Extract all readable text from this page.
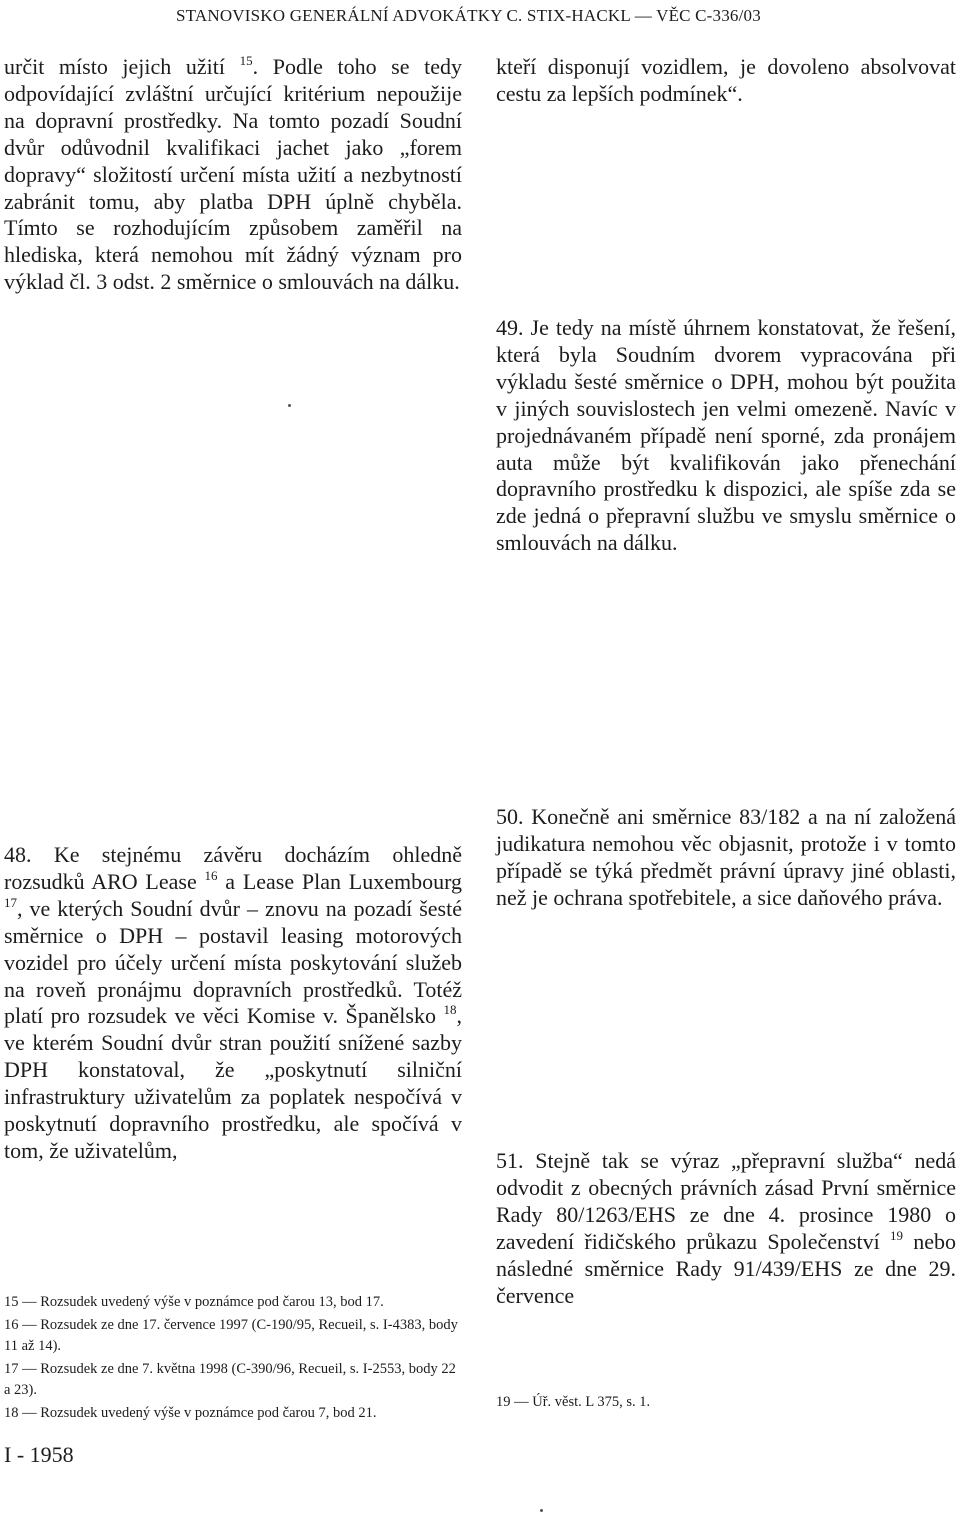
STANOVISKO GENERÁLNÍ ADVOKÁTKY C. STIX-HACKL — VĚC C-336/03

určit místo jejich užití $^{15}$. Podle toho se tedy odpovídající zvláštní určující kritérium nepoužije na dopravní prostředky. Na tomto pozadí Soudní dvůr odůvodnil kvalifikaci jachet jako „forem dopravy“ složitostí určení místa užití a nezbytností zabránit tomu, aby platba DPH úplně chyběla. Tímto se rozhodujícím způsobem zaměřil na hlediska, která nemohou mít žádný význam pro výklad čl. 3 odst. 2 směrnice o smlouvách na dálku.

48. Ke stejnému závěru docházím ohledně rozsudků ARO Lease $^{16}$ a Lease Plan Luxembourg $^{17}$, ve kterých Soudní dvůr – znovu na pozadí šesté směrnice o DPH – postavil leasing motorových vozidel pro účely určení místa poskytování služeb na roveň pronájmu dopravních prostředků. Totéž platí pro rozsudek ve věci Komise v. Španělsko $^{18}$, ve kterém Soudní dvůr stran použití snížené sazby DPH konstatoval, že „poskytnutí silniční infrastruktury uživatelům za poplatek nespočívá v poskytnutí dopravního prostředku, ale spočívá v tom, že uživatelům,

kteří disponují vozidlem, je dovoleno absolvovat cestu za lepších podmínek“.

49. Je tedy na místě úhrnem konstatovat, že řešení, která byla Soudním dvorem vypracována při výkladu šesté směrnice o DPH, mohou být použita v jiných souvislostech jen velmi omezeně. Navíc v projednávaném případě není sporné, zda pronájem auta může být kvalifikován jako přenechání dopravního prostředku k dispozici, ale spíše zda se zde jedná o přepravní službu ve smyslu směrnice o smlouvách na dálku.

50. Konečně ani směrnice 83/182 a na ní založená judikatura nemohou věc objasnit, protože i v tomto případě se týká předmět právní úpravy jiné oblasti, než je ochrana spotřebitele, a sice daňového práva.

51. Stejně tak se výraz „přepravní služba“ nedá odvodit z obecných právních zásad První směrnice Rady 80/1263/EHS ze dne 4. prosince 1980 o zavedení řidičského průkazu Společenství $^{19}$ nebo následné směrnice Rady 91/439/EHS ze dne 29. července

15 — Rozsudek uvedený výše v poznámce pod čarou 13, bod 17.
16 — Rozsudek ze dne 17. července 1997 (C-190/95, Recueil, s. I-4383, body 11 až 14).
17 — Rozsudek ze dne 7. května 1998 (C-390/96, Recueil, s. I-2553, body 22 a 23).
18 — Rozsudek uvedený výše v poznámce pod čarou 7, bod 21.
19 — Úř. věst. L 375, s. 1.
I - 1958
